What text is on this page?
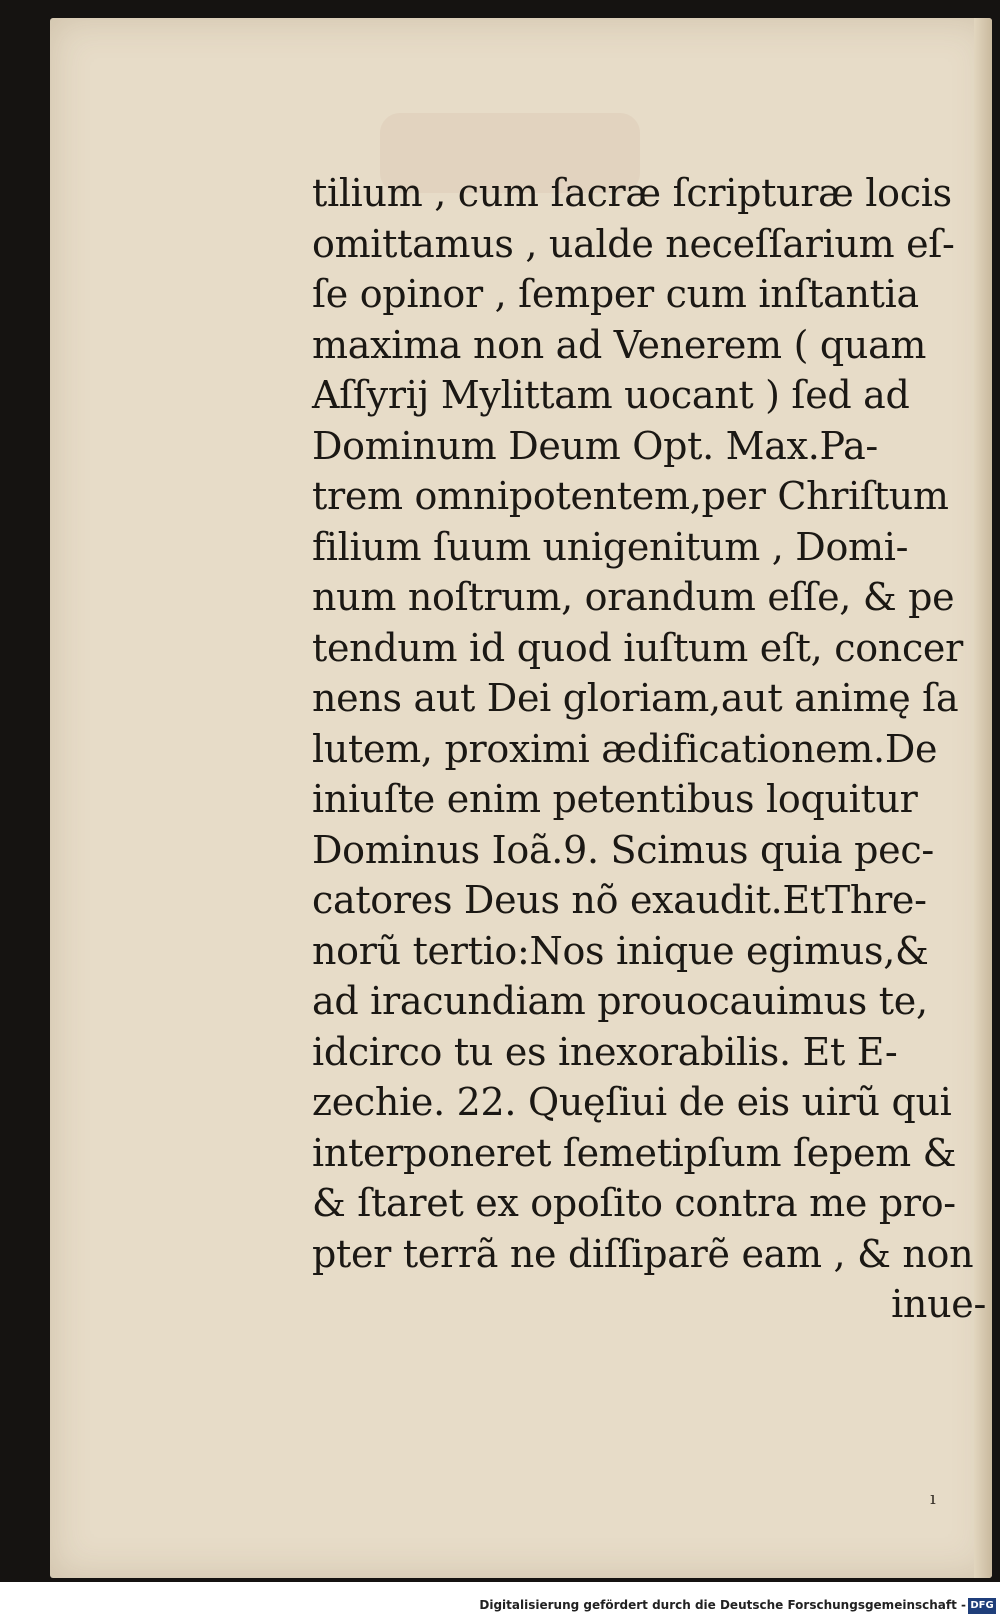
tilium , cum ſacræ ſcripturæ locis
omittamus , ualde neceſſarium eſ-
ſe opinor , ſemper cum inſtantia
maxima non ad Venerem ( quam
Aſſyrij Mylittam uocant ) ſed ad
Dominum Deum Opt. Max.Pa-
trem omnipotentem,per Chriſtum
filium ſuum unigenitum , Domi-
num noſtrum, orandum eſſe, & pe
tendum id quod iuſtum eſt, concer
nens aut Dei gloriam,aut animę ſa
lutem, proximi ædificationem.De
iniuſte enim petentibus loquitur
Dominus Ioã.9. Scimus quia pec-
catores Deus nõ exaudit.EtThre-
norũ tertio:Nos inique egimus,&
ad iracundiam prouocauimus te,
idcirco tu es inexorabilis. Et E-
zechie. 22. Quęſiui de eis uirũ qui
interponeret ſemetipſum ſepem &
& ſtaret ex opoſito contra me pro-
pter terrã ne diſſiparẽ eam , & non
inue-
ı
Digitalisierung gefördert durch die Deutsche Forschungsgemeinschaft - DFG
